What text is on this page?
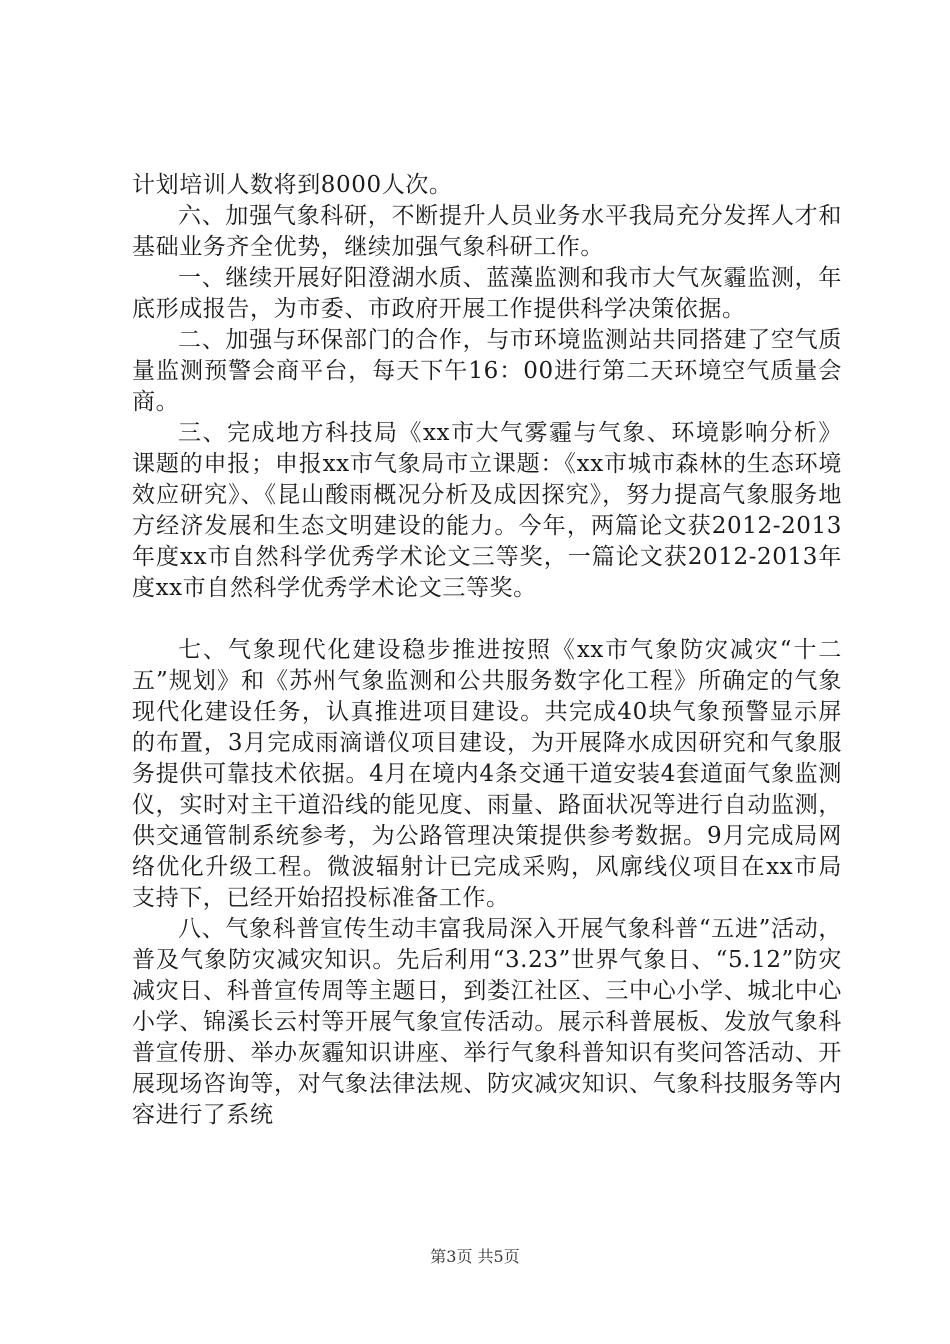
计划培训人数将到8000人次。

六、加强气象科研，不断提升人员业务水平我局充分发挥人才和基础业务齐全优势，继续加强气象科研工作。

一、继续开展好阳澄湖水质、蓝藻监测和我市大气灰霾监测，年底形成报告，为市委、市政府开展工作提供科学决策依据。

二、加强与环保部门的合作，与市环境监测站共同搭建了空气质量监测预警会商平台，每天下午16：00进行第二天环境空气质量会商。

三、完成地方科技局《xx市大气雾霾与气象、环境影响分析》课题的申报；申报xx市气象局市立课题：《xx市城市森林的生态环境效应研究》、《昆山酸雨概况分析及成因探究》，努力提高气象服务地方经济发展和生态文明建设的能力。今年，两篇论文获2012-2013年度xx市自然科学优秀学术论文三等奖，一篇论文获2012-2013年度xx市自然科学优秀学术论文三等奖。

七、气象现代化建设稳步推进按照《xx市气象防灾减灾“十二五”规划》和《苏州气象监测和公共服务数字化工程》所确定的气象现代化建设任务，认真推进项目建设。共完成40块气象预警显示屏的布置，3月完成雨滴谱仪项目建设，为开展降水成因研究和气象服务提供可靠技术依据。4月在境内4条交通干道安装4套道面气象监测仪，实时对主干道沿线的能见度、雨量、路面状况等进行自动监测，供交通管制系统参考，为公路管理决策提供参考数据。9月完成局网络优化升级工程。微波辐射计已完成采购，风廓线仪项目在xx市局支持下，已经开始招投标准备工作。

八、气象科普宣传生动丰富我局深入开展气象科普“五进”活动，普及气象防灾减灾知识。先后利用“3.23”世界气象日、“5.12”防灾减灾日、科普宣传周等主题日，到娄江社区、三中心小学、城北中心小学、锦溪长云村等开展气象宣传活动。展示科普展板、发放气象科普宣传册、举办灰霾知识讲座、举行气象科普知识有奖问答活动、开展现场咨询等，对气象法律法规、防灾减灾知识、气象科技服务等内容进行了系统

第3页 共5页
